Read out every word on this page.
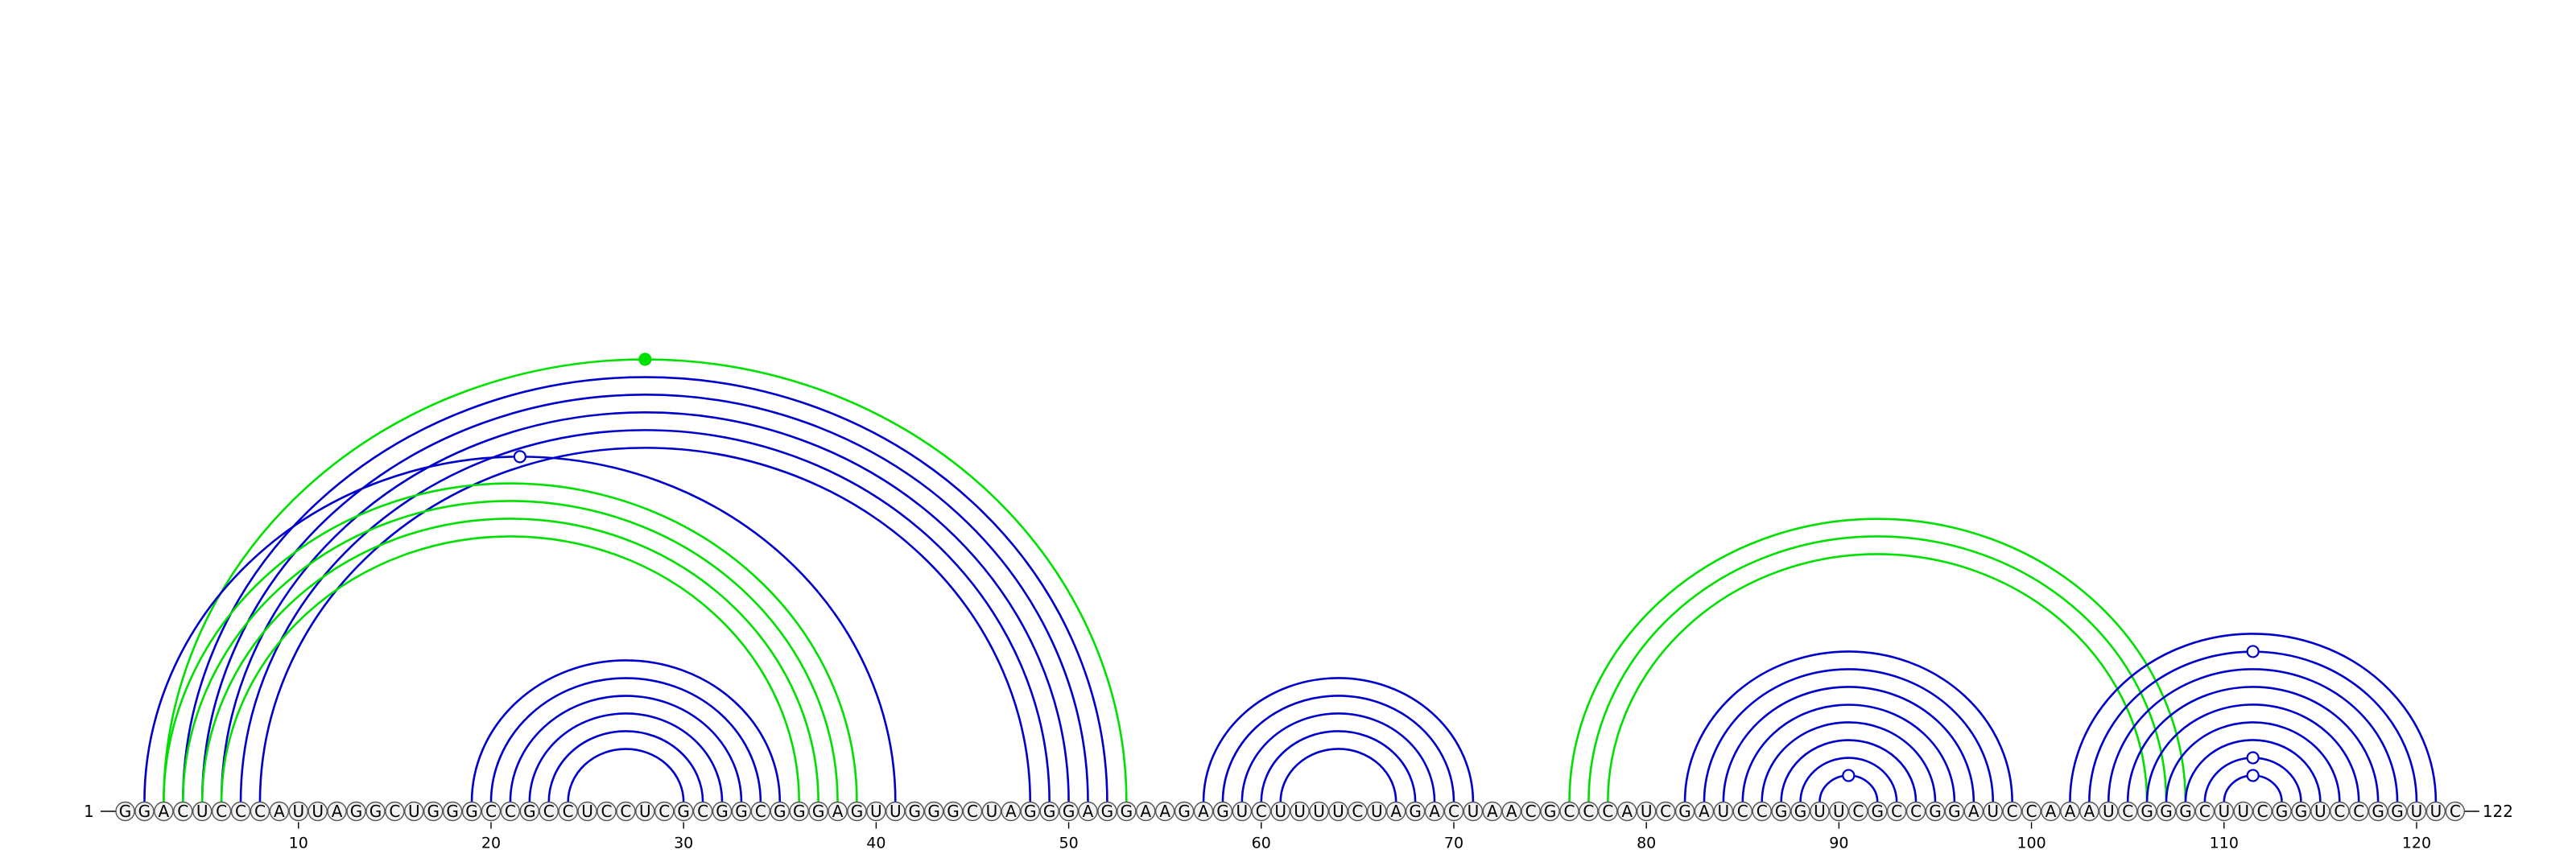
G G A C U C C C A U U A G G C U G G G C C G C C U C C U C G C G G C G G G A G U U G G G C U A G G G A G G A A G A G U C U U U U C U A G A C U A A C G C C C A U C G A U C C G G U U C G C C G G A U C C A A A U C G G G C U U C G G U C C G G U U C
10	20	30	40	50	60	70	80	90	100	110	120
1	122
